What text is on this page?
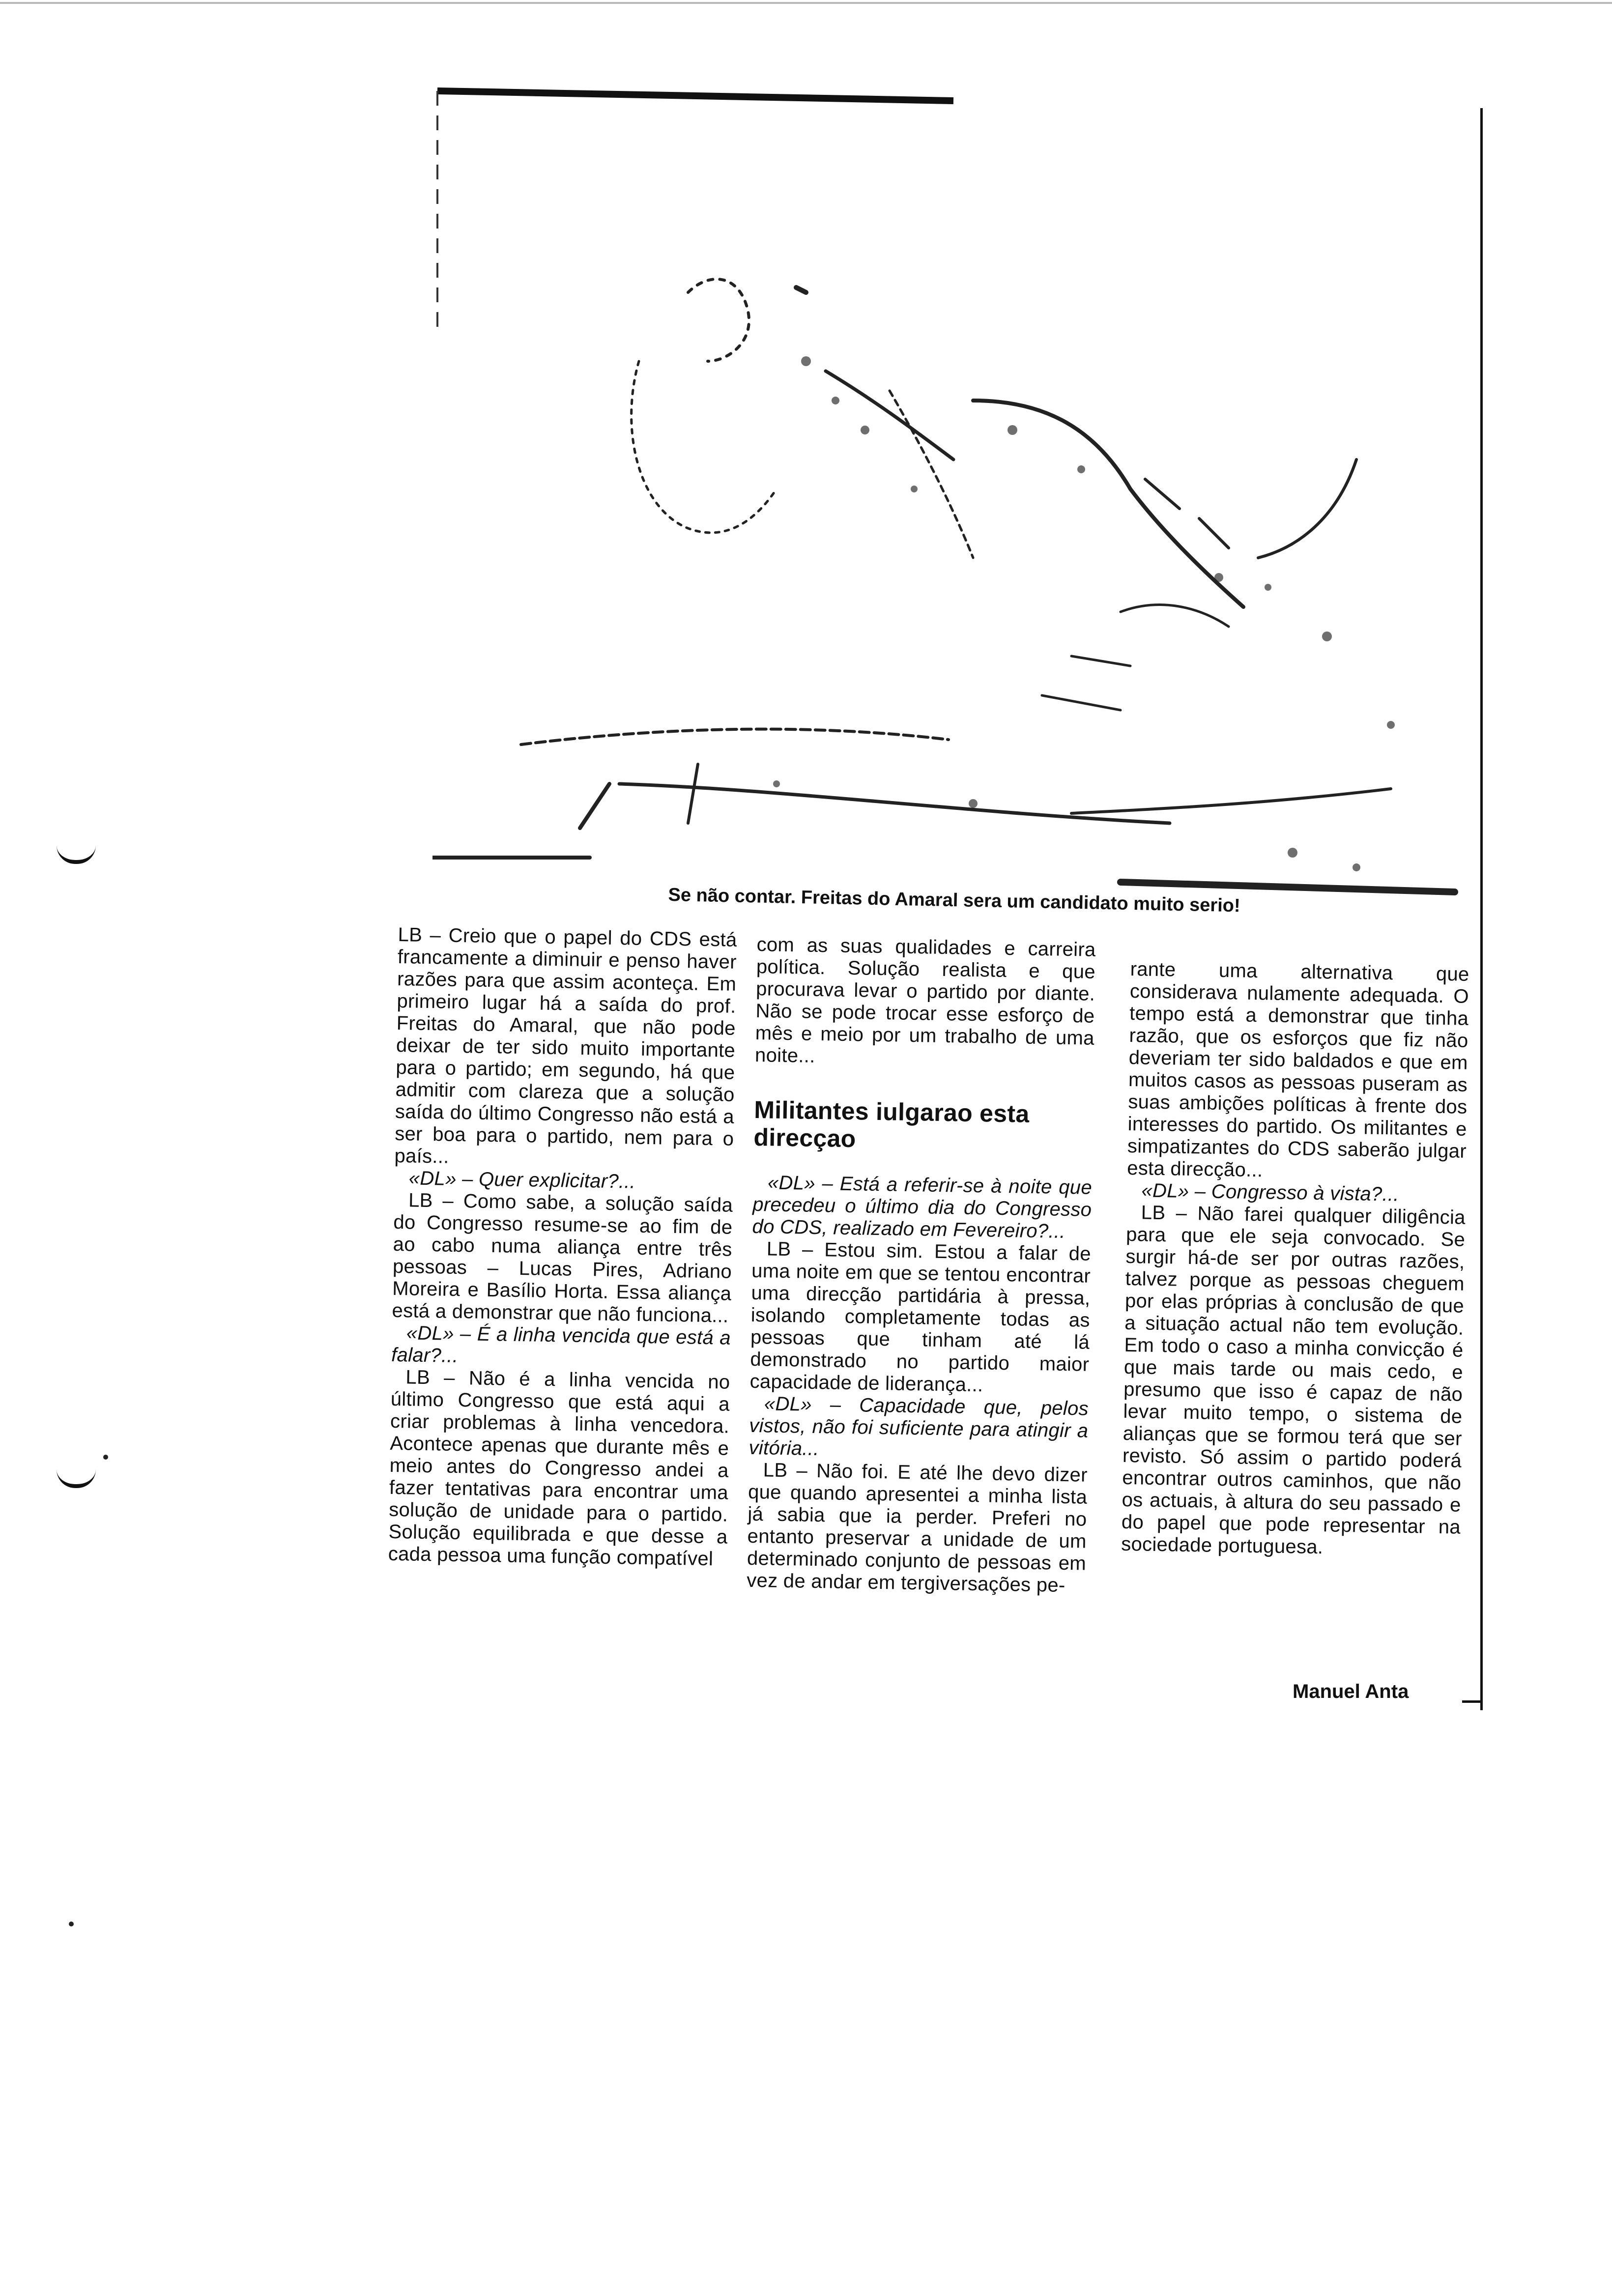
Se não contar. Freitas do Amaral sera um candidato muito serio!

LB – Creio que o papel do CDS está francamente a diminuir e penso haver razões para que assim aconteça. Em primeiro lugar há a saída do prof. Freitas do Amaral, que não pode deixar de ter sido muito importante para o partido; em segundo, há que admitir com clareza que a solução saída do último Congresso não está a ser boa para o partido, nem para o país...

«DL» – Quer explicitar?...

LB – Como sabe, a solução saída do Congresso resume-se ao fim de ao cabo numa aliança entre três pessoas – Lucas Pires, Adriano Moreira e Basílio Horta. Essa aliança está a demonstrar que não funciona...

«DL» – É a linha vencida que está a falar?...

LB – Não é a linha vencida no último Congresso que está aqui a criar problemas à linha vencedora. Acontece apenas que durante mês e meio antes do Congresso andei a fazer tentativas para encontrar uma solução de unidade para o partido. Solução equilibrada e que desse a cada pessoa uma função compatível

com as suas qualidades e carreira política. Solução realista e que procurava levar o partido por diante. Não se pode trocar esse esforço de mês e meio por um trabalho de uma noite...

Militantes iulgarao esta direcçao

«DL» – Está a referir-se à noite que precedeu o último dia do Congresso do CDS, realizado em Fevereiro?...

LB – Estou sim. Estou a falar de uma noite em que se tentou encontrar uma direcção partidária à pressa, isolando completamente todas as pessoas que tinham até lá demonstrado no partido maior capacidade de liderança...

«DL» – Capacidade que, pelos vistos, não foi suficiente para atingir a vitória...

LB – Não foi. E até lhe devo dizer que quando apresentei a minha lista já sabia que ia perder. Preferi no entanto preservar a unidade de um determinado conjunto de pessoas em vez de andar em tergiversações pe-

rante uma alternativa que considerava nulamente adequada. O tempo está a demonstrar que tinha razão, que os esforços que fiz não deveriam ter sido baldados e que em muitos casos as pessoas puseram as suas ambições políticas à frente dos interesses do partido. Os militantes e simpatizantes do CDS saberão julgar esta direcção...

«DL» – Congresso à vista?...

LB – Não farei qualquer diligência para que ele seja convocado. Se surgir há-de ser por outras razões, talvez porque as pessoas cheguem por elas próprias à conclusão de que a situação actual não tem evolução. Em todo o caso a minha convicção é que mais tarde ou mais cedo, e presumo que isso é capaz de não levar muito tempo, o sistema de alianças que se formou terá que ser revisto. Só assim o partido poderá encontrar outros caminhos, que não os actuais, à altura do seu passado e do papel que pode representar na sociedade portuguesa.

Manuel Anta
